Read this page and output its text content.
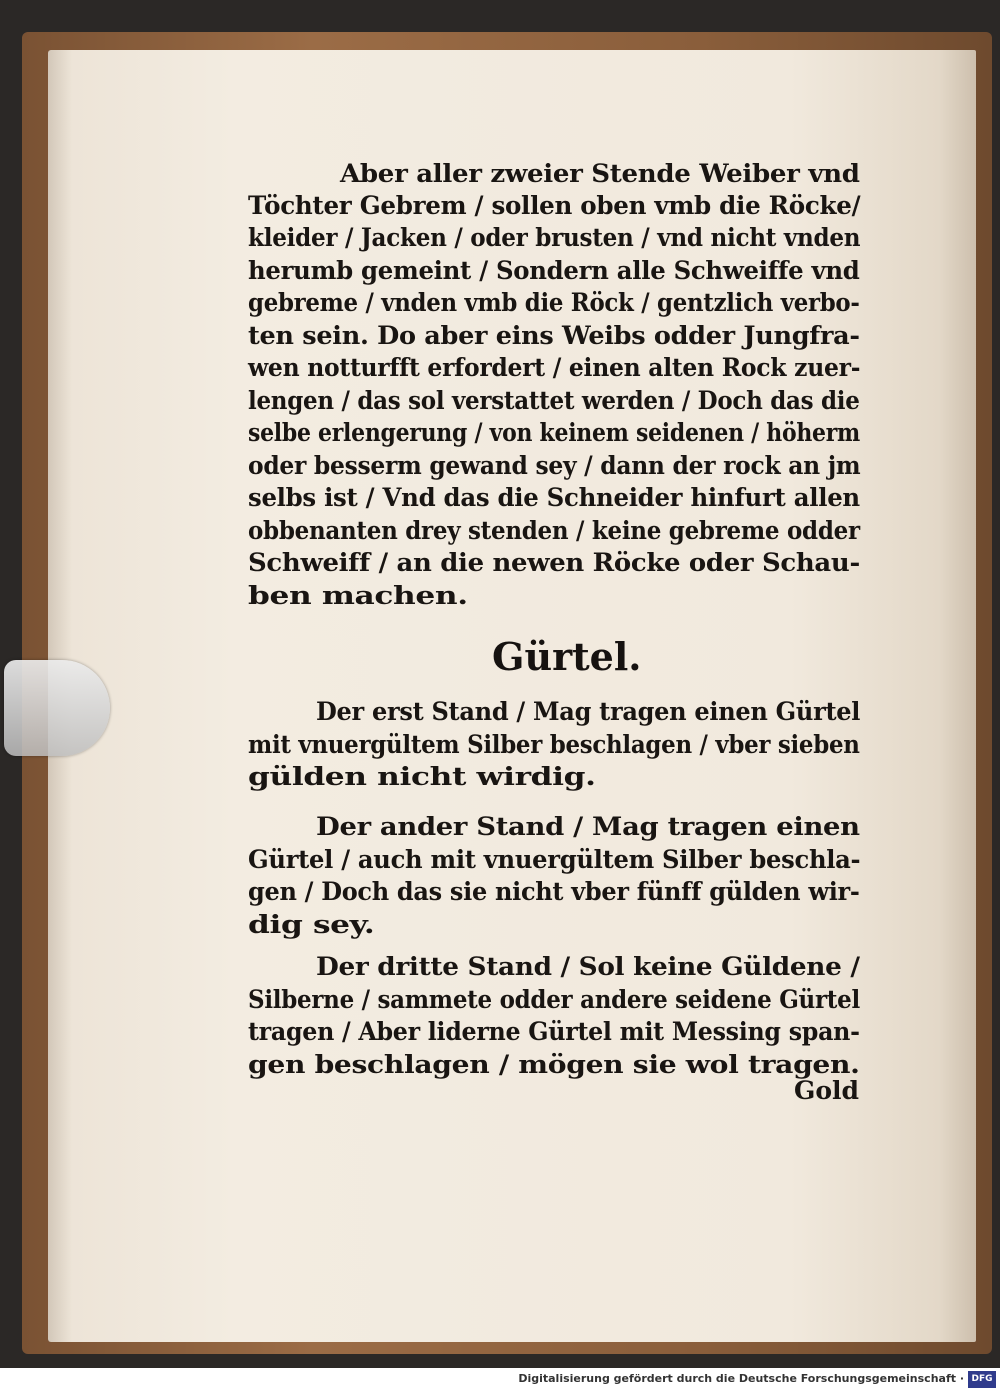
Aber aller zweier Stende Weiber vnd
Töchter Gebrem / sollen oben vmb die Röcke/
kleider / Jacken / oder brusten / vnd nicht vnden
herumb gemeint / Sondern alle Schweiffe vnd
gebreme / vnden vmb die Röck / gentzlich verbo-
ten sein. Do aber eins Weibs odder Jungfra-
wen notturfft erfordert / einen alten Rock zuer-
lengen / das sol verstattet werden / Doch das die
selbe erlengerung / von keinem seidenen / höherm
oder besserm gewand sey / dann der rock an jm
selbs ist / Vnd das die Schneider hinfurt allen
obbenanten drey stenden / keine gebreme odder
Schweiff / an die newen Röcke oder Schau-
ben machen.
Der erst Stand / Mag tragen einen Gürtel
mit vnuergültem Silber beschlagen / vber sieben
gülden nicht wirdig.
Der ander Stand / Mag tragen einen
Gürtel / auch mit vnuergültem Silber beschla-
gen / Doch das sie nicht vber fünff gülden wir-
dig sey.
Der dritte Stand / Sol keine Güldene /
Silberne / sammete odder andere seidene Gürtel
tragen / Aber liderne Gürtel mit Messing span-
gen beschlagen / mögen sie wol tragen.
Gürtel.
Gold
Digitalisierung gefördert durch die Deutsche Forschungsgemeinschaft · DFG
